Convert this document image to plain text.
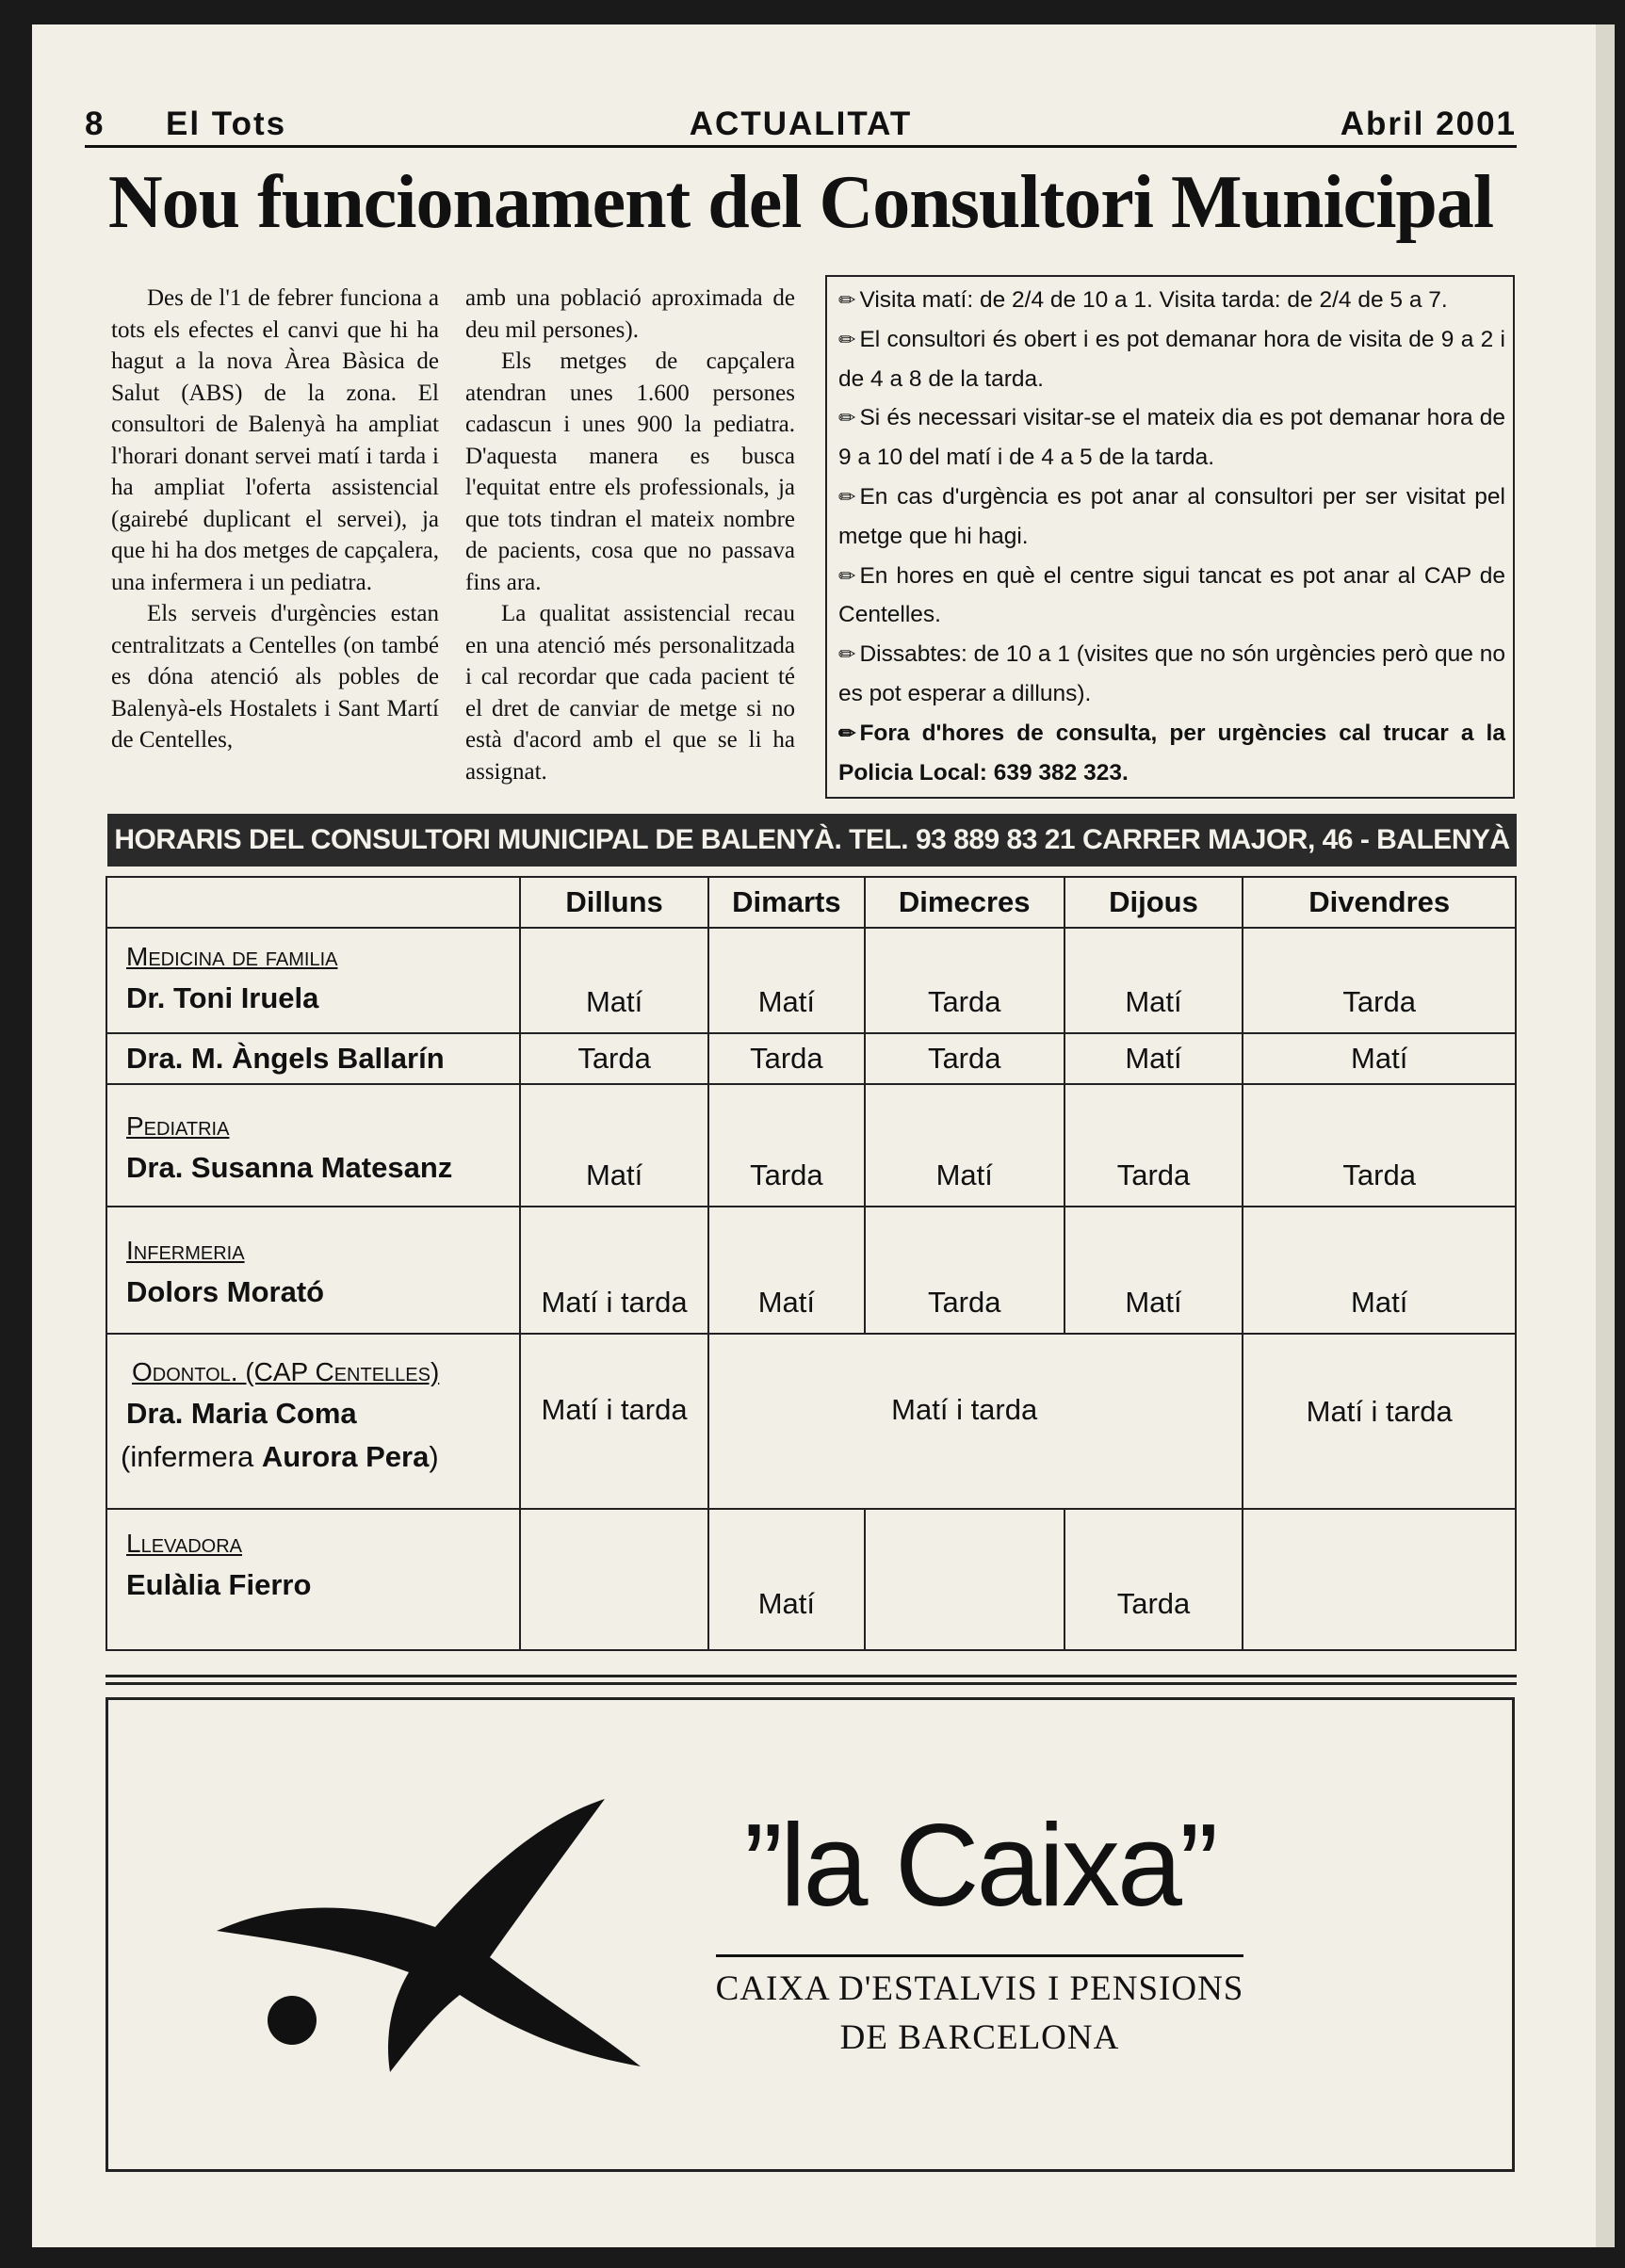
8 El Tots	ACTUALITAT	Abril 2001
Nou funcionament del Consultori Municipal

Des de l'1 de febrer funciona a tots els efectes el canvi que hi ha hagut a la nova Àrea Bàsica de Salut (ABS) de la zona. El consultori de Balenyà ha ampliat l'horari donant servei matí i tarda i ha ampliat l'oferta assistencial (gairebé duplicant el servei), ja que hi ha dos metges de capçalera, una infermera i un pediatra.

Els serveis d'urgències estan centralitzats a Centelles (on també es dóna atenció als pobles de Balenyà-els Hostalets i Sant Martí de Centelles,

amb una població aproximada de deu mil persones).

Els metges de capçalera atendran unes 1.600 persones cadascun i unes 900 la pediatra. D'aquesta manera es busca l'equitat entre els professionals, ja que tots tindran el mateix nombre de pacients, cosa que no passava fins ara.

La qualitat assistencial recau en una atenció més personalitzada i cal recordar que cada pacient té el dret de canviar de metge si no està d'acord amb el que se li ha assignat.

✏ Visita matí: de 2/4 de 10 a 1. Visita tarda: de 2/4 de 5 a 7.

✏ El consultori és obert i es pot demanar hora de visita de 9 a 2 i de 4 a 8 de la tarda.

✏ Si és necessari visitar-se el mateix dia es pot demanar hora de 9 a 10 del matí i de 4 a 5 de la tarda.

✏ En cas d'urgència es pot anar al consultori per ser visitat pel metge que hi hagi.

✏ En hores en què el centre sigui tancat es pot anar al CAP de Centelles.

✏ Dissabtes: de 10 a 1 (visites que no són urgències però que no es pot esperar a dilluns).

✏ Fora d'hores de consulta, per urgències cal trucar a la Policia Local: 639 382 323.

HORARIS DEL CONSULTORI MUNICIPAL DE BALENYÀ. TEL. 93 889 83 21 CARRER MAJOR, 46 - BALENYÀ
	Dilluns	Dimarts	Dimecres	Dijous	Divendres

Medicina de familia
Dr. Toni Iruela	Matí	Matí	Tarda	Matí	Tarda

Dra. M. Àngels Ballarín	Tarda	Tarda	Tarda	Matí	Matí

Pediatria
Dra. Susanna Matesanz	Matí	Tarda	Matí	Tarda	Tarda

Infermeria
Dolors Morató	Matí i tarda	Matí	Tarda	Matí	Matí

Odontol. (CAP Centelles)
Dra. Maria Coma
(infermera Aurora Pera)	Matí i tarda		Matí i tarda		Matí i tarda

Llevadora
Eulàlia Fierro		Matí		Tarda	
”la Caixa”
CAIXA D'ESTALVIS I PENSIONS
DE BARCELONA
